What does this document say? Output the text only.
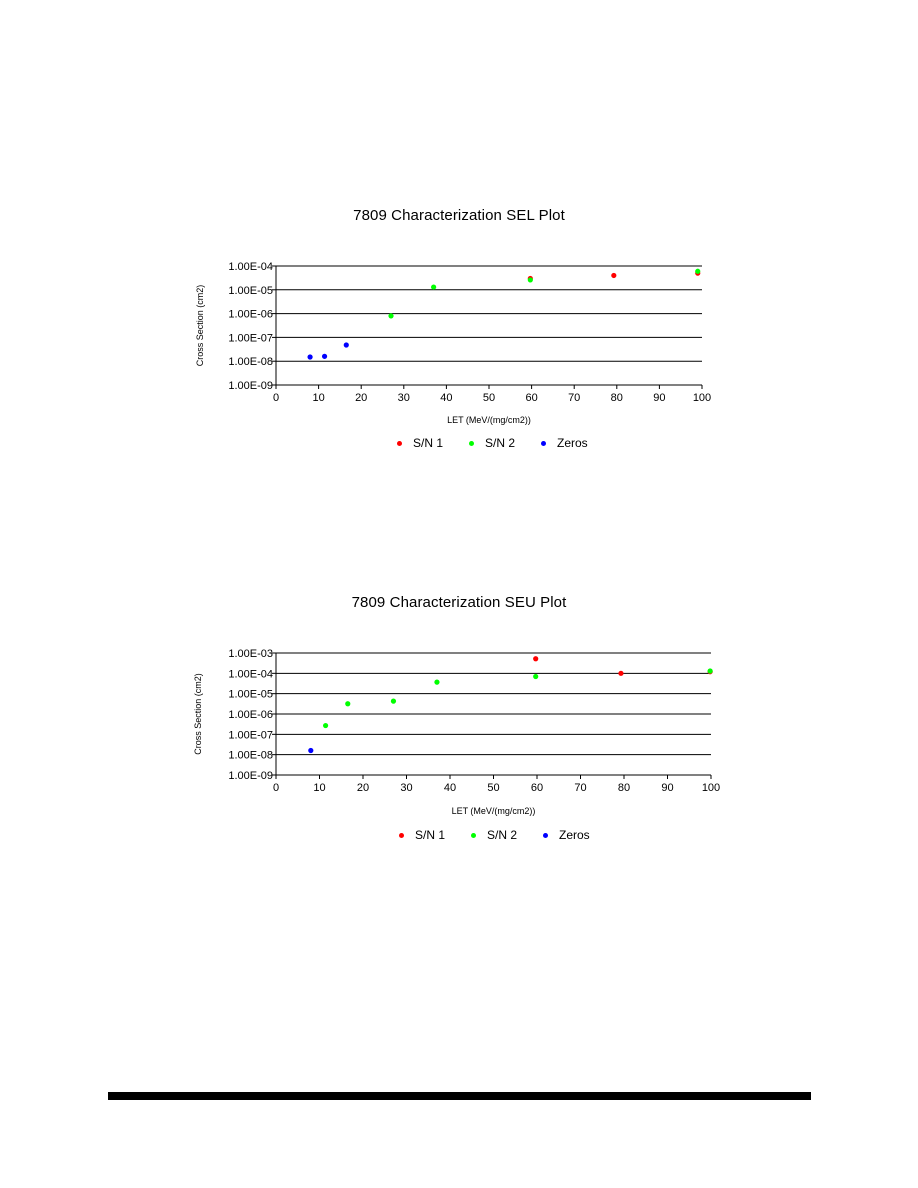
7809 Characterization SEL Plot
1.00E-09
1.00E-08
1.00E-07
1.00E-06
1.00E-05
1.00E-04
0	10	20	30	40	50	60	70	80	90 100
LET (MeV/(mg/cm2))
Cross Section (cm2)
S/N 1	S/N 2	Zeros
7809 Characterization SEU Plot
1.00E-09
1.00E-08
1.00E-07
1.00E-06
1.00E-05
1.00E-04
1.00E-03
0	10	20	30	40	50	60	70	80	90	100
LET (MeV/(mg/cm2))
Cross Section (cm2)
S/N 1	S/N 2	Zeros
